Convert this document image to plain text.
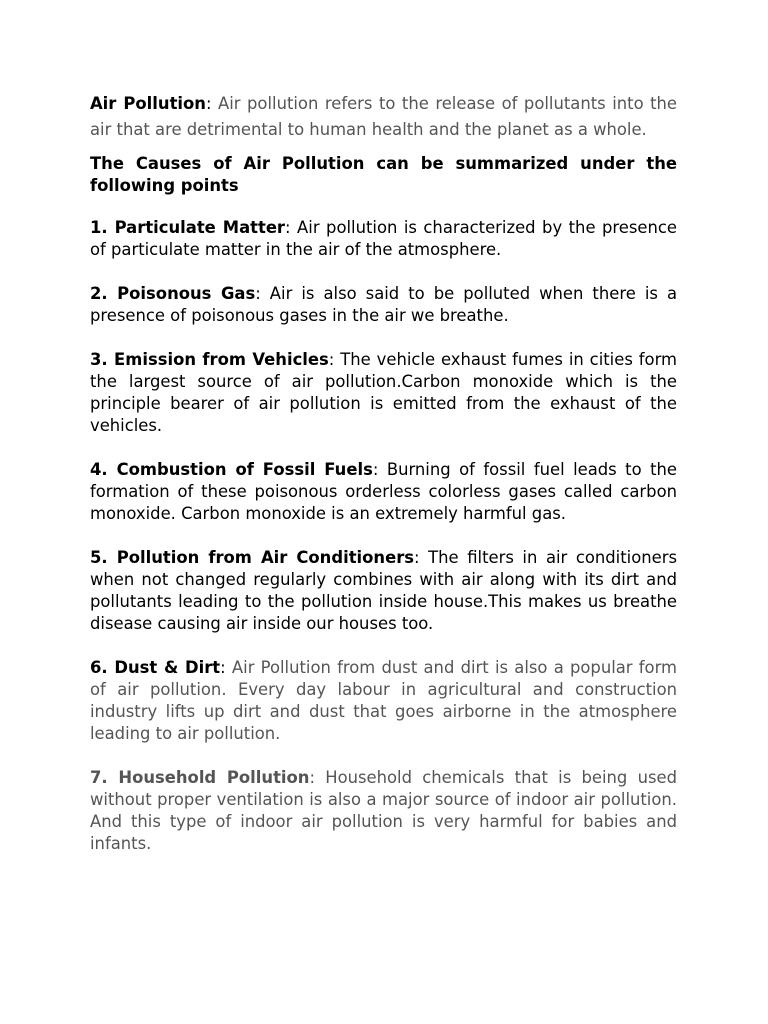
Air Pollution: Air pollution refers to the release of pollutants into the air that are detrimental to human health and the planet as a whole.

The Causes of Air Pollution can be summarized under the following points

1. Particulate Matter: Air pollution is characterized by the presence of particulate matter in the air of the atmosphere.

2. Poisonous Gas: Air is also said to be polluted when there is a presence of poisonous gases in the air we breathe.

3. Emission from Vehicles: The vehicle exhaust fumes in cities form the largest source of air pollution.Carbon monoxide which is the principle bearer of air pollution is emitted from the exhaust of the vehicles.

4. Combustion of Fossil Fuels: Burning of fossil fuel leads to the formation of these poisonous orderless colorless gases called carbon monoxide. Carbon monoxide is an extremely harmful gas.

5. Pollution from Air Conditioners: The filters in air conditioners when not changed regularly combines with air along with its dirt and pollutants leading to the pollution inside house.This makes us breathe disease causing air inside our houses too.

6. Dust & Dirt: Air Pollution from dust and dirt is also a popular form of air pollution. Every day labour in agricultural and construction industry lifts up dirt and dust that goes airborne in the atmosphere leading to air pollution.

7. Household Pollution: Household chemicals that is being used without proper ventilation is also a major source of indoor air pollution. And this type of indoor air pollution is very harmful for babies and infants.
